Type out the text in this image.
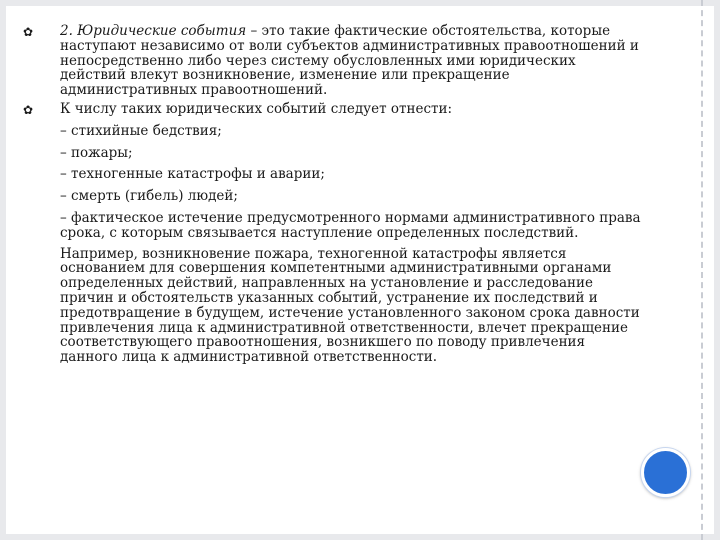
✿ 2. Юридические события – это такие фактические обстоятельства, которые наступают независимо от воли субъектов административных правоотношений и непосредственно либо через систему обусловленных ими юридических действий влекут возникновение, изменение или прекращение административных правоотношений.
✿ К числу таких юридических событий следует отнести:
– стихийные бедствия;
– пожары;
– техногенные катастрофы и аварии;
– смерть (гибель) людей;
– фактическое истечение предусмотренного нормами административного права срока, с которым связывается наступление определенных последствий.
Например, возникновение пожара, техногенной катастрофы является основанием для совершения компетентными административными органами определенных действий, направленных на установление и расследование причин и обстоятельств указанных событий, устранение их последствий и предотвращение в будущем, истечение установленного законом срока давности привлечения лица к административной ответственности, влечет прекращение соответствующего правоотношения, возникшего по поводу привлечения данного лица к административной ответственности.
